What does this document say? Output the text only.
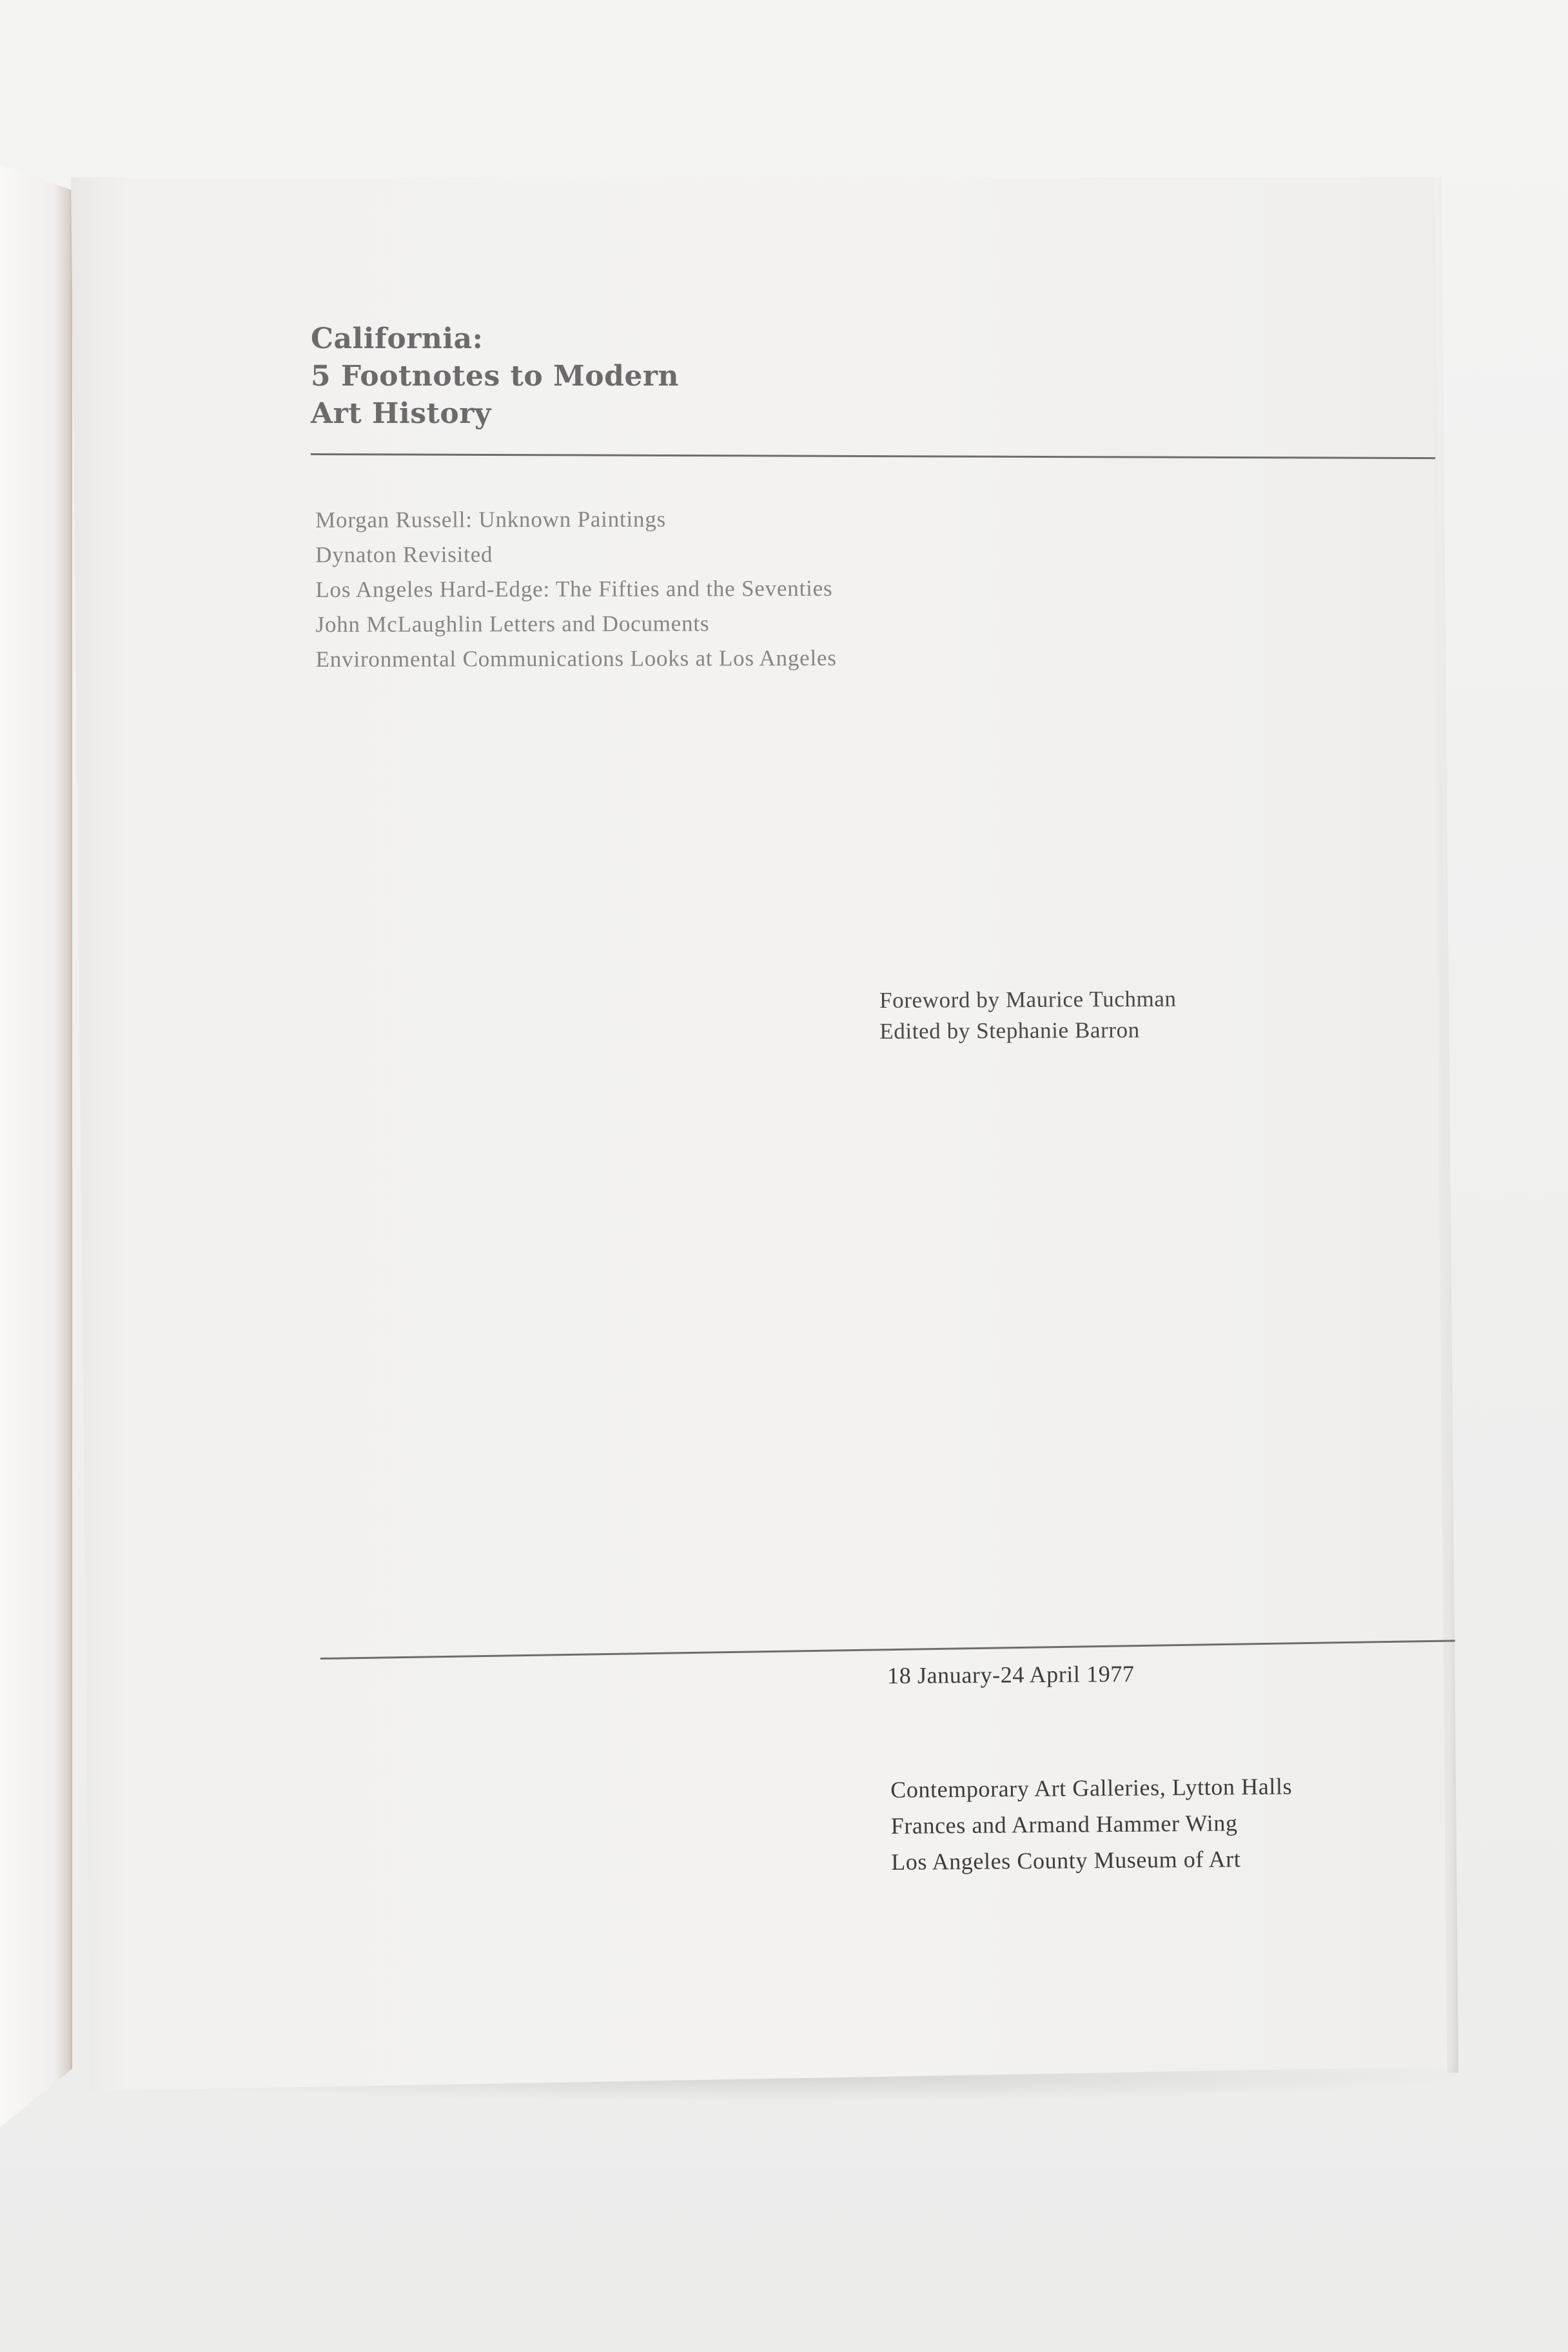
California:
5 Footnotes to Modern
Art History
Morgan Russell: Unknown Paintings
Dynaton Revisited
Los Angeles Hard-Edge: The Fifties and the Seventies
John McLaughlin Letters and Documents
Environmental Communications Looks at Los Angeles
Foreword by Maurice Tuchman
Edited by Stephanie Barron
18 January-24 April 1977
Contemporary Art Galleries, Lytton Halls
Frances and Armand Hammer Wing
Los Angeles County Museum of Art
